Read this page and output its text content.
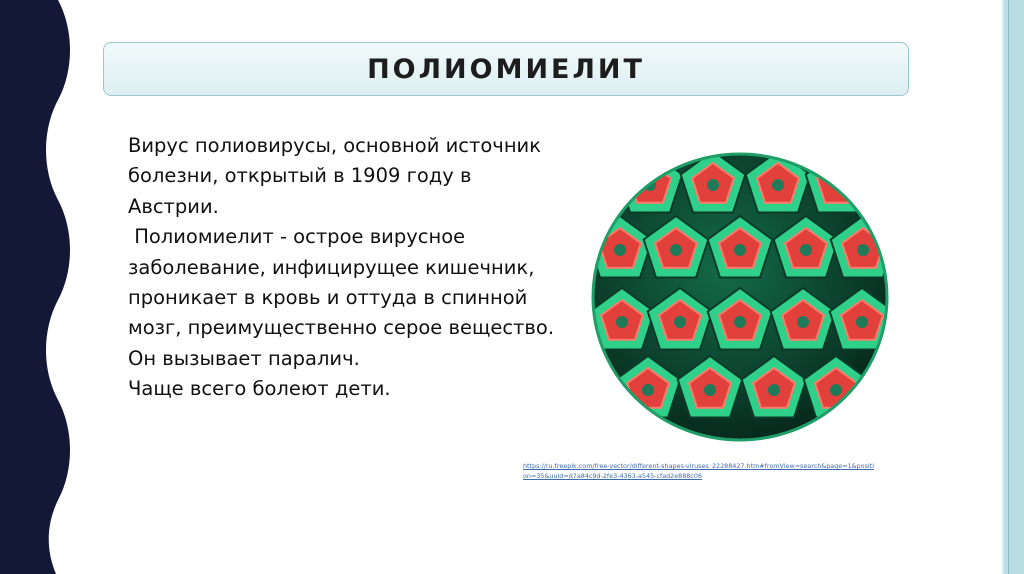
ПОЛИОМИЕЛИТ

Вирус полиовирусы, основной источник болезни, открытый в 1909 году в Австрии.

Полиомиелит - острое вирусное заболевание, инфицирущее кишечник, проникает в кровь и оттуда в спинной мозг, преимущественно серое вещество.

Он вызывает паралич.

Чаще всего болеют дети.

https://ru.freepik.com/free-vector/different-shapes-viruses_22288427.htm#fromView=search&page=1&position=35&uuid=d7a84c9d-2fe3-4363-a545-cfad2e888c06
